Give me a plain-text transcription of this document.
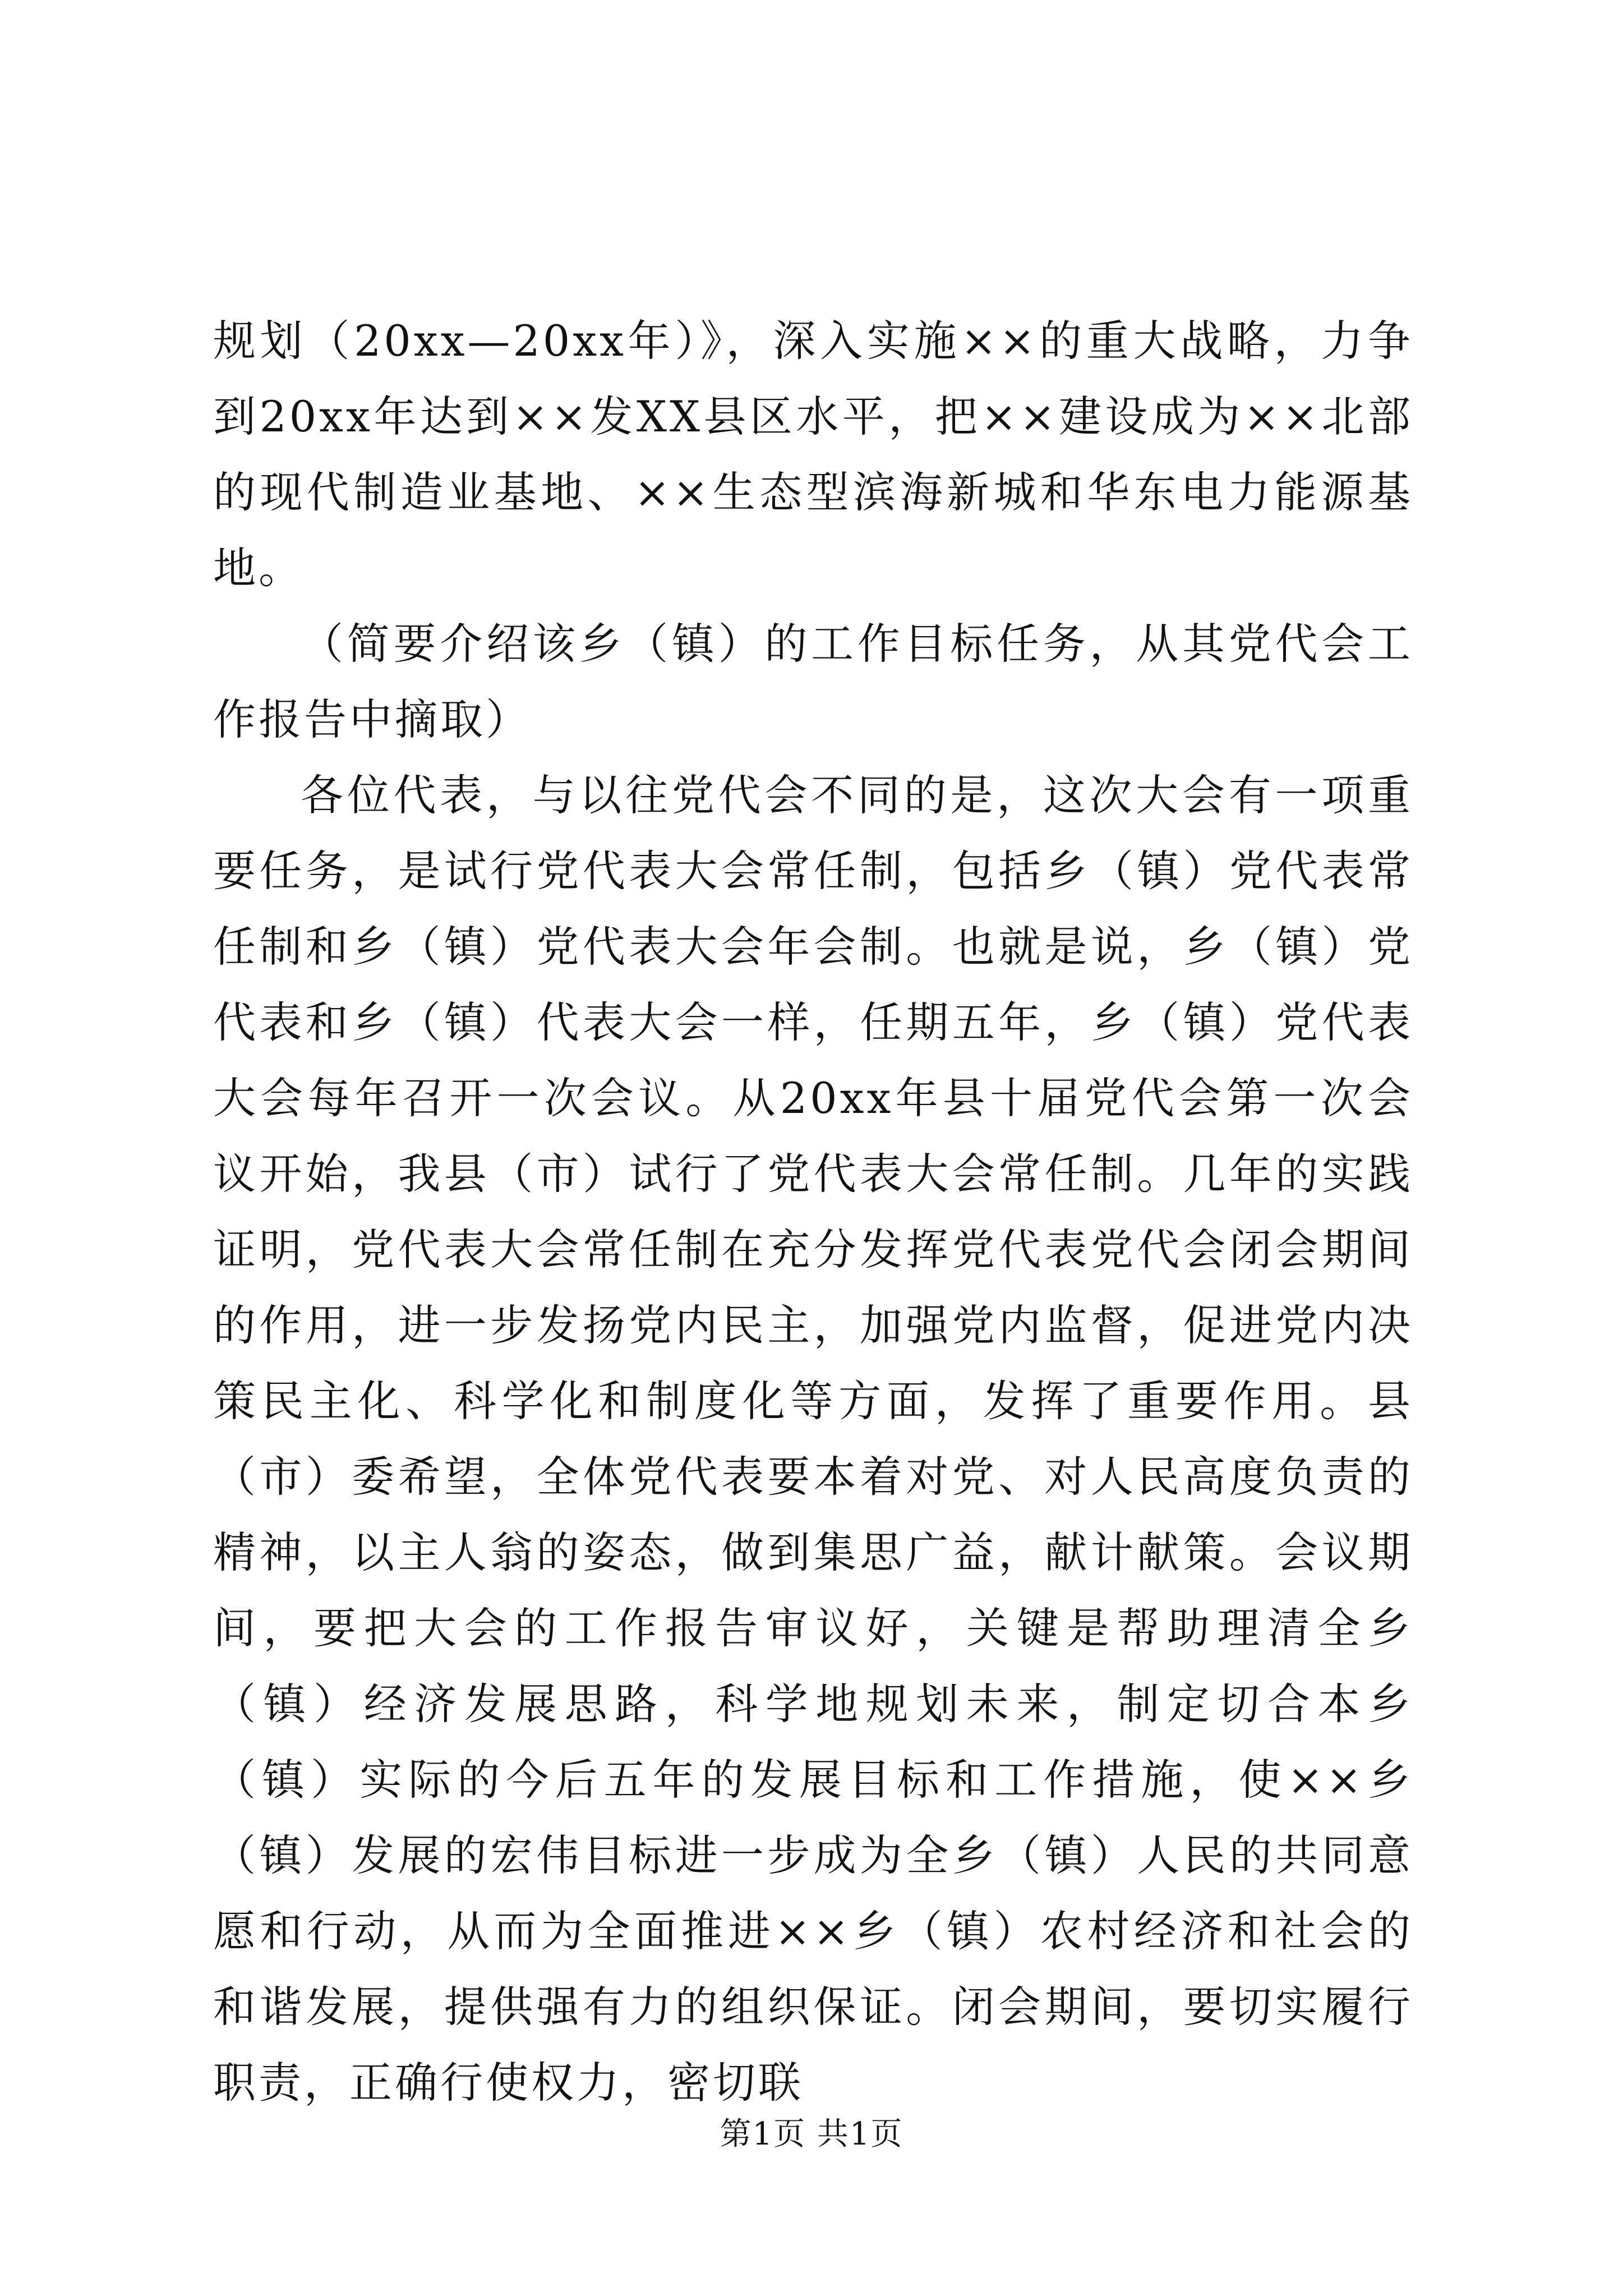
规划（20xx—20xx年）》，深入实施××的重大战略，力争到20xx年达到××发XX县区水平，把××建设成为××北部的现代制造业基地、××生态型滨海新城和华东电力能源基地。

（简要介绍该乡（镇）的工作目标任务，从其党代会工作报告中摘取）

各位代表，与以往党代会不同的是，这次大会有一项重要任务，是试行党代表大会常任制，包括乡（镇）党代表常任制和乡（镇）党代表大会年会制。也就是说，乡（镇）党代表和乡（镇）代表大会一样，任期五年，乡（镇）党代表大会每年召开一次会议。从20xx年县十届党代会第一次会议开始，我县（市）试行了党代表大会常任制。几年的实践证明，党代表大会常任制在充分发挥党代表党代会闭会期间的作用，进一步发扬党内民主，加强党内监督，促进党内决策民主化、科学化和制度化等方面，发挥了重要作用。县（市）委希望，全体党代表要本着对党、对人民高度负责的精神，以主人翁的姿态，做到集思广益，献计献策。会议期间，要把大会的工作报告审议好，关键是帮助理清全乡（镇）经济发展思路，科学地规划未来，制定切合本乡（镇）实际的今后五年的发展目标和工作措施，使××乡（镇）发展的宏伟目标进一步成为全乡（镇）人民的共同意愿和行动，从而为全面推进××乡（镇）农村经济和社会的和谐发展，提供强有力的组织保证。闭会期间，要切实履行职责，正确行使权力，密切联

第1页 共1页
